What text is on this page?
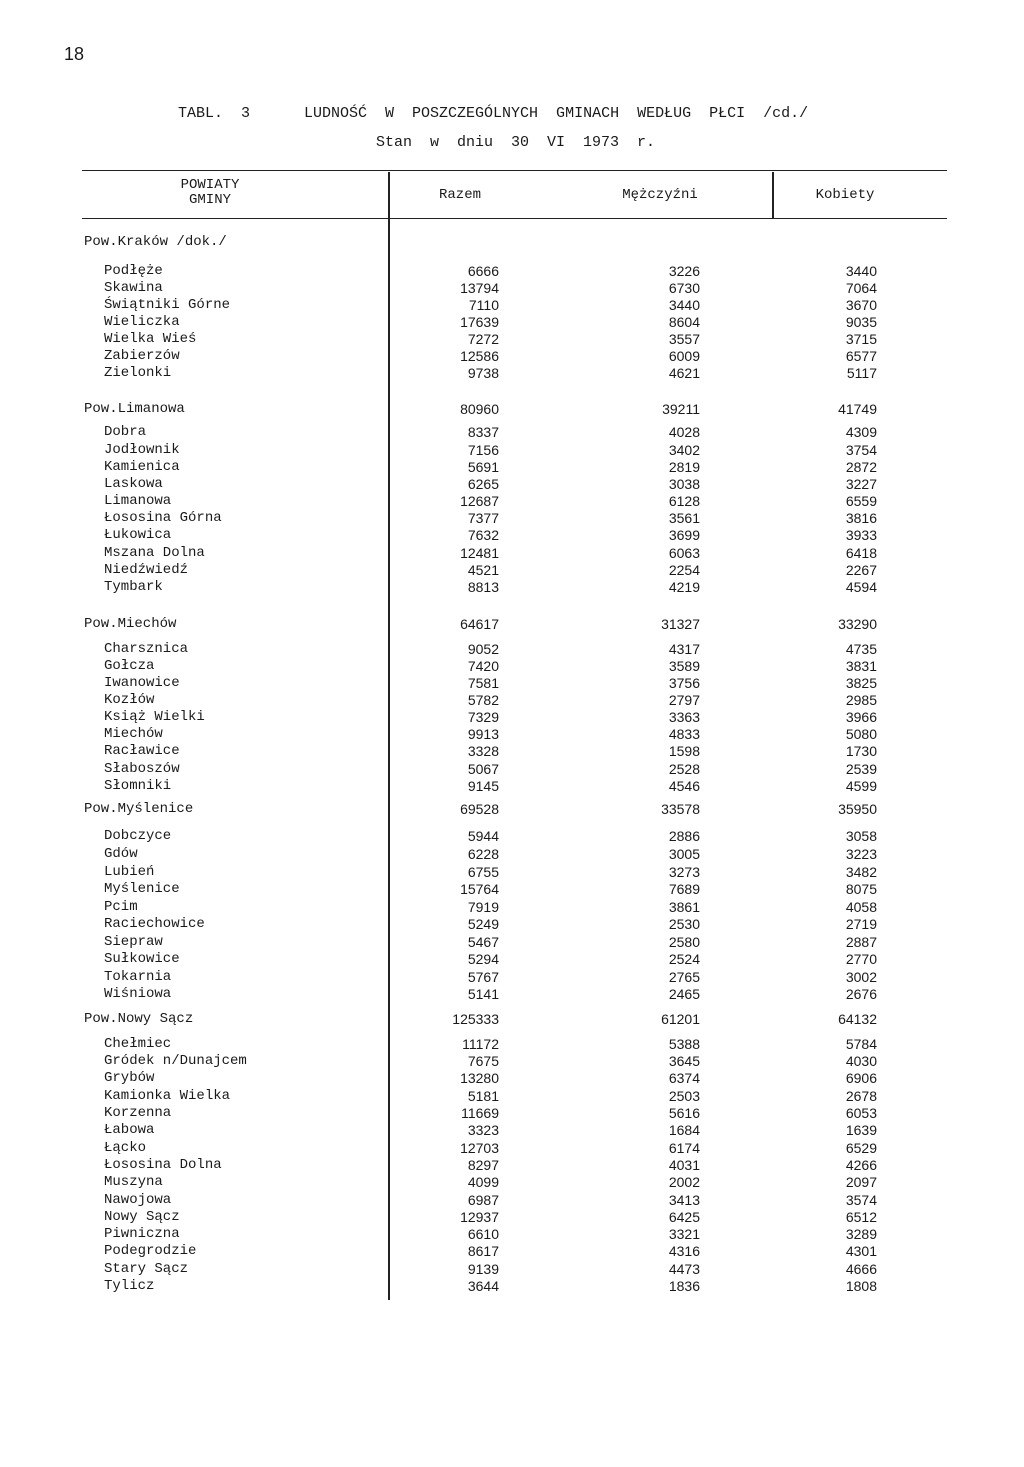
18
TABL.  3      LUDNOŚĆ  W  POSZCZEGÓLNYCH  GMINACH  WEDŁUG  PŁCI  /cd./
Stan  w  dniu  30  VI  1973  r.
POWIATY
GMINY	Razem	Mężczyźni	Kobiety
Pow.Kraków /dok./
Podłęże	6666	3226	3440
Skawina	13794	6730	7064
Świątniki Górne	7110	3440	3670
Wieliczka	17639	8604	9035
Wielka Wieś	7272	3557	3715
Zabierzów	12586	6009	6577
Zielonki	9738	4621	5117
Pow.Limanowa	80960	39211	41749
Dobra	8337	4028	4309
Jodłownik	7156	3402	3754
Kamienica	5691	2819	2872
Laskowa	6265	3038	3227
Limanowa	12687	6128	6559
Łososina Górna	7377	3561	3816
Łukowica	7632	3699	3933
Mszana Dolna	12481	6063	6418
Niedźwiedź	4521	2254	2267
Tymbark	8813	4219	4594
Pow.Miechów	64617	31327	33290
Charsznica	9052	4317	4735
Gołcza	7420	3589	3831
Iwanowice	7581	3756	3825
Kozłów	5782	2797	2985
Książ Wielki	7329	3363	3966
Miechów	9913	4833	5080
Racławice	3328	1598	1730
Słaboszów	5067	2528	2539
Słomniki	9145	4546	4599
Pow.Myślenice	69528	33578	35950
Dobczyce	5944	2886	3058
Gdów	6228	3005	3223
Lubień	6755	3273	3482
Myślenice	15764	7689	8075
Pcim	7919	3861	4058
Raciechowice	5249	2530	2719
Siepraw	5467	2580	2887
Sułkowice	5294	2524	2770
Tokarnia	5767	2765	3002
Wiśniowa	5141	2465	2676
Pow.Nowy Sącz	125333	61201	64132
Chełmiec	11172	5388	5784
Gródek n/Dunajcem	7675	3645	4030
Grybów	13280	6374	6906
Kamionka Wielka	5181	2503	2678
Korzenna	11669	5616	6053
Łabowa	3323	1684	1639
Łącko	12703	6174	6529
Łososina Dolna	8297	4031	4266
Muszyna	4099	2002	2097
Nawojowa	6987	3413	3574
Nowy Sącz	12937	6425	6512
Piwniczna	6610	3321	3289
Podegrodzie	8617	4316	4301
Stary Sącz	9139	4473	4666
Tylicz	3644	1836	1808
